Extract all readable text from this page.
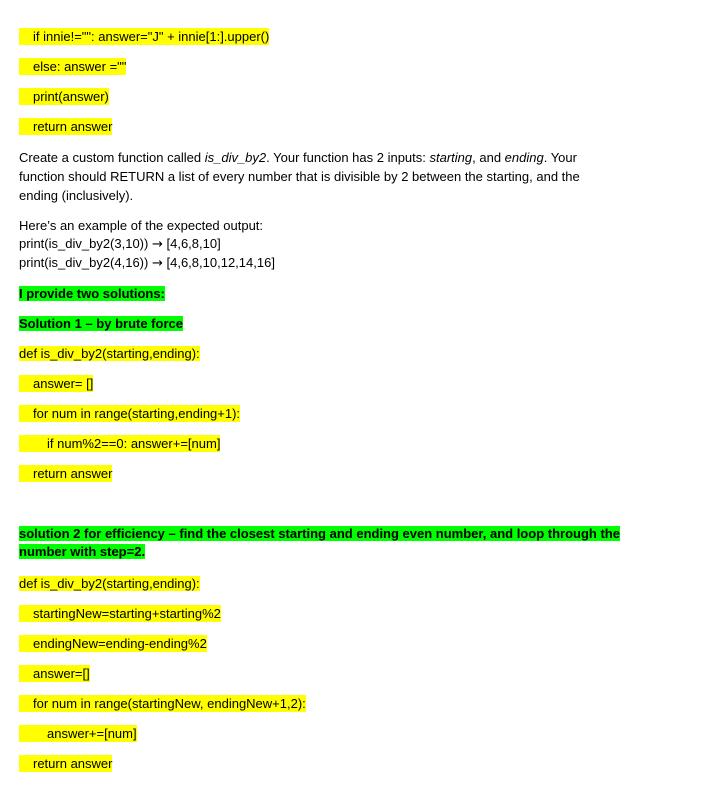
if innie!="": answer="J" + innie[1:].upper()
else: answer =""
print(answer)
return answer
Create a custom function called is_div_by2. Your function has 2 inputs: starting, and ending. Your function should RETURN a list of every number that is divisible by 2 between the starting, and the ending (inclusively).
Here’s an example of the expected output:
print(is_div_by2(3,10)) → [4,6,8,10]
print(is_div_by2(4,16)) → [4,6,8,10,12,14,16]
I provide two solutions:
Solution 1 – by brute force
def is_div_by2(starting,ending):
answer= []
for num in range(starting,ending+1):
if num%2==0: answer+=[num]
return answer
solution 2 for efficiency – find the closest starting and ending even number, and loop through the
number with step=2.
def is_div_by2(starting,ending):
startingNew=starting+starting%2
endingNew=ending-ending%2
answer=[]
for num in range(startingNew, endingNew+1,2):
answer+=[num]
return answer
